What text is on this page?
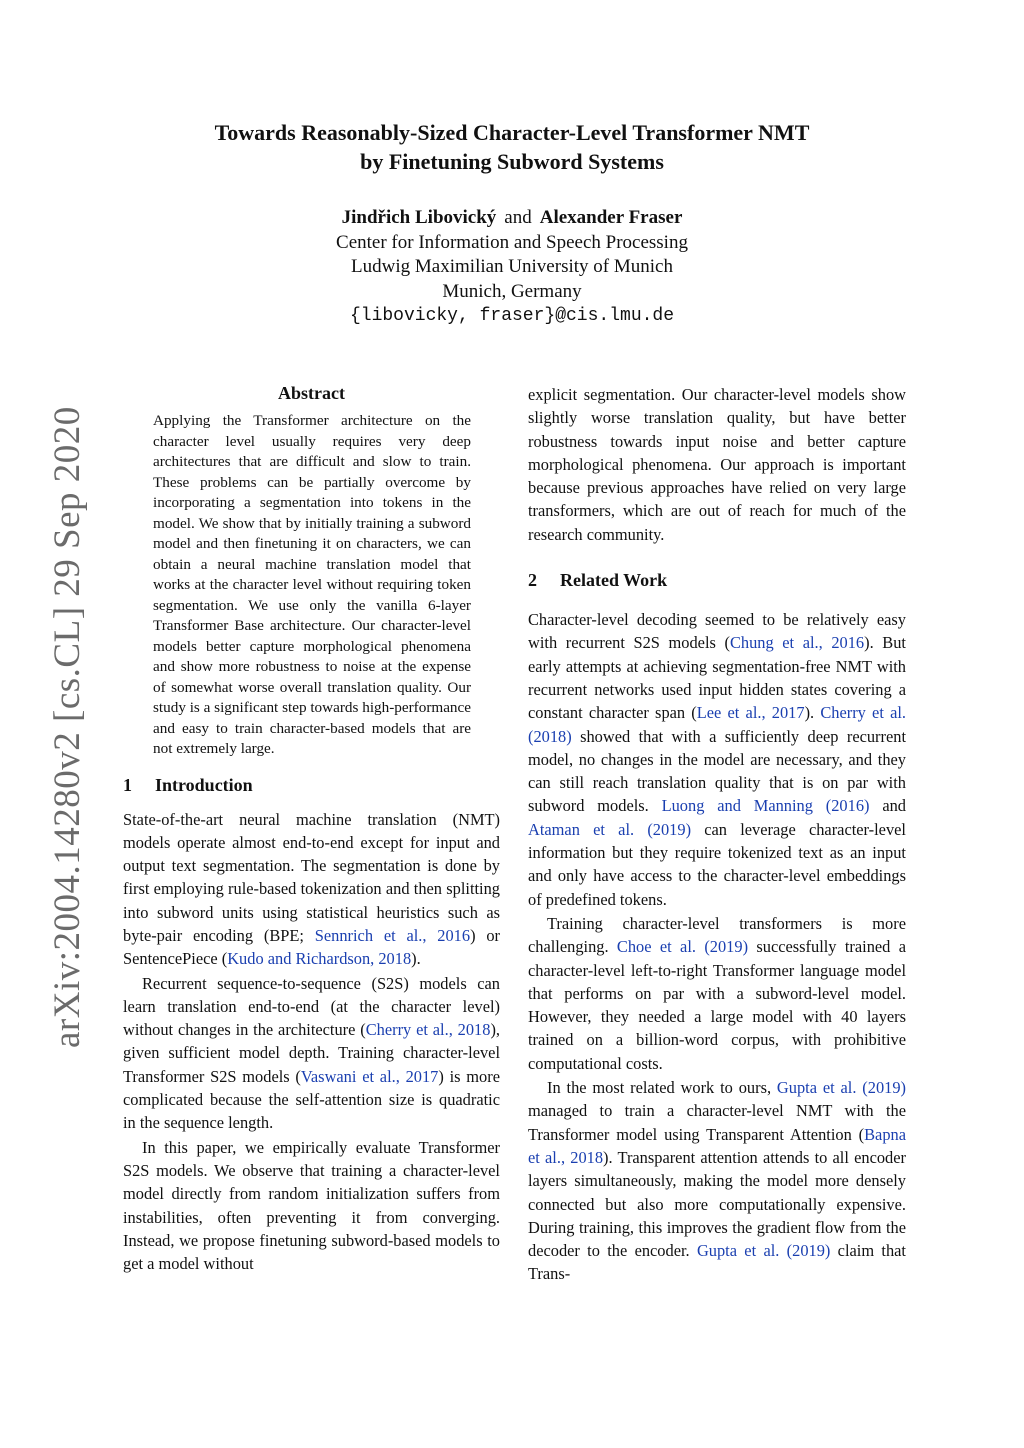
arXiv:2004.14280v2 [cs.CL] 29 Sep 2020

Towards Reasonably-Sized Character-Level Transformer NMT

by Finetuning Subword Systems

Jindřich Libovický and Alexander Fraser
Center for Information and Speech Processing
Ludwig Maximilian University of Munich
Munich, Germany
{libovicky, fraser}@cis.lmu.de
Abstract

Applying the Transformer architecture on the character level usually requires very deep architectures that are difficult and slow to train. These problems can be partially overcome by incorporating a segmentation into tokens in the model. We show that by initially training a subword model and then finetuning it on characters, we can obtain a neural machine translation model that works at the character level without requiring token segmentation. We use only the vanilla 6-layer Transformer Base architecture. Our character-level models better capture morphological phenomena and show more robustness to noise at the expense of somewhat worse overall translation quality. Our study is a significant step towards high-performance and easy to train character-based models that are not extremely large.

1	Introduction

State-of-the-art neural machine translation (NMT) models operate almost end-to-end except for input and output text segmentation. The segmentation is done by first employing rule-based tokenization and then splitting into subword units using statistical heuristics such as byte-pair encoding (BPE; Sennrich et al., 2016) or SentencePiece (Kudo and Richardson, 2018).

Recurrent sequence-to-sequence (S2S) models can learn translation end-to-end (at the character level) without changes in the architecture (Cherry et al., 2018), given sufficient model depth. Training character-level Transformer S2S models (Vaswani et al., 2017) is more complicated because the self-attention size is quadratic in the sequence length.

In this paper, we empirically evaluate Transformer S2S models. We observe that training a character-level model directly from random initialization suffers from instabilities, often preventing it from converging. Instead, we propose finetuning subword-based models to get a model without

explicit segmentation. Our character-level models show slightly worse translation quality, but have better robustness towards input noise and better capture morphological phenomena. Our approach is important because previous approaches have relied on very large transformers, which are out of reach for much of the research community.

2	Related Work

Character-level decoding seemed to be relatively easy with recurrent S2S models (Chung et al., 2016). But early attempts at achieving segmentation-free NMT with recurrent networks used input hidden states covering a constant character span (Lee et al., 2017). Cherry et al. (2018) showed that with a sufficiently deep recurrent model, no changes in the model are necessary, and they can still reach translation quality that is on par with subword models. Luong and Manning (2016) and Ataman et al. (2019) can leverage character-level information but they require tokenized text as an input and only have access to the character-level embeddings of predefined tokens.

Training character-level transformers is more challenging. Choe et al. (2019) successfully trained a character-level left-to-right Transformer language model that performs on par with a subword-level model. However, they needed a large model with 40 layers trained on a billion-word corpus, with prohibitive computational costs.

In the most related work to ours, Gupta et al. (2019) managed to train a character-level NMT with the Transformer model using Transparent Attention (Bapna et al., 2018). Transparent attention attends to all encoder layers simultaneously, making the model more densely connected but also more computationally expensive. During training, this improves the gradient flow from the decoder to the encoder. Gupta et al. (2019) claim that Trans-
